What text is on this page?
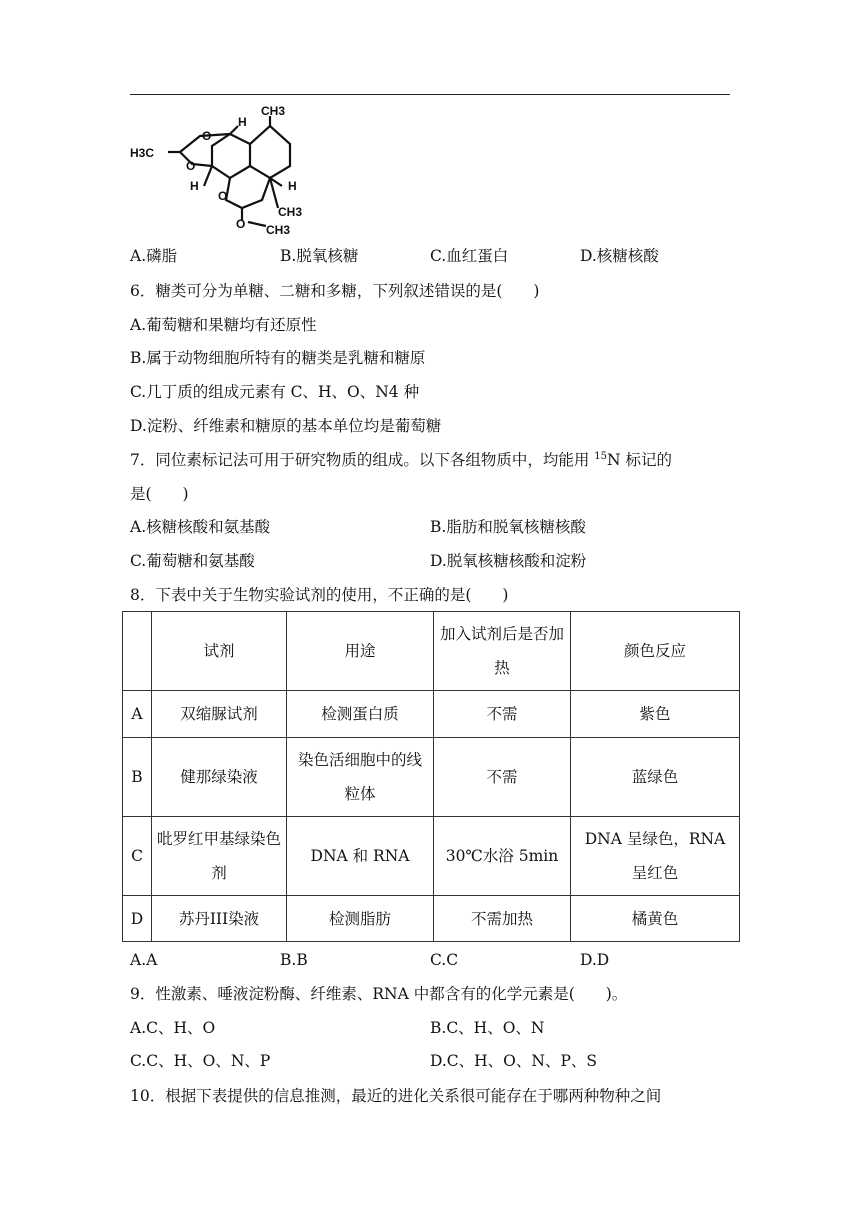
CH3
H3C
O
O
H
H	H
CH3
O
O CH3
A.磷脂	B.脱氧核糖	C.血红蛋白	D.核糖核酸
6．糖类可分为单糖、二糖和多糖，下列叙述错误的是(　　)
A.葡萄糖和果糖均有还原性
B.属于动物细胞所特有的糖类是乳糖和糖原
C.几丁质的组成元素有 C、H、O、N4 种
D.淀粉、纤维素和糖原的基本单位均是葡萄糖
7．同位素标记法可用于研究物质的组成。以下各组物质中，均能用 $^{15}$N 标记的
是(　　)
A.核糖核酸和氨基酸	B.脂肪和脱氧核糖核酸
C.葡萄糖和氨基酸	D.脱氧核糖核酸和淀粉
8．下表中关于生物实验试剂的使用，不正确的是(　　)
	试剂	用途	加入试剂后是否加热	颜色反应
A	双缩脲试剂	检测蛋白质	不需	紫色
B	健那绿染液	染色活细胞中的线粒体	不需	蓝绿色
C	吡罗红甲基绿染色剂	DNA 和 RNA	30℃水浴 5min	DNA 呈绿色，RNA 呈红色
D	苏丹III染液	检测脂肪	不需加热	橘黄色
A.A	B.B	C.C	D.D
9．性激素、唾液淀粉酶、纤维素、RNA 中都含有的化学元素是(　　)。
A.C、H、O	B.C、H、O、N
C.C、H、O、N、P	D.C、H、O、N、P、S
10．根据下表提供的信息推测，最近的进化关系很可能存在于哪两种物种之间
